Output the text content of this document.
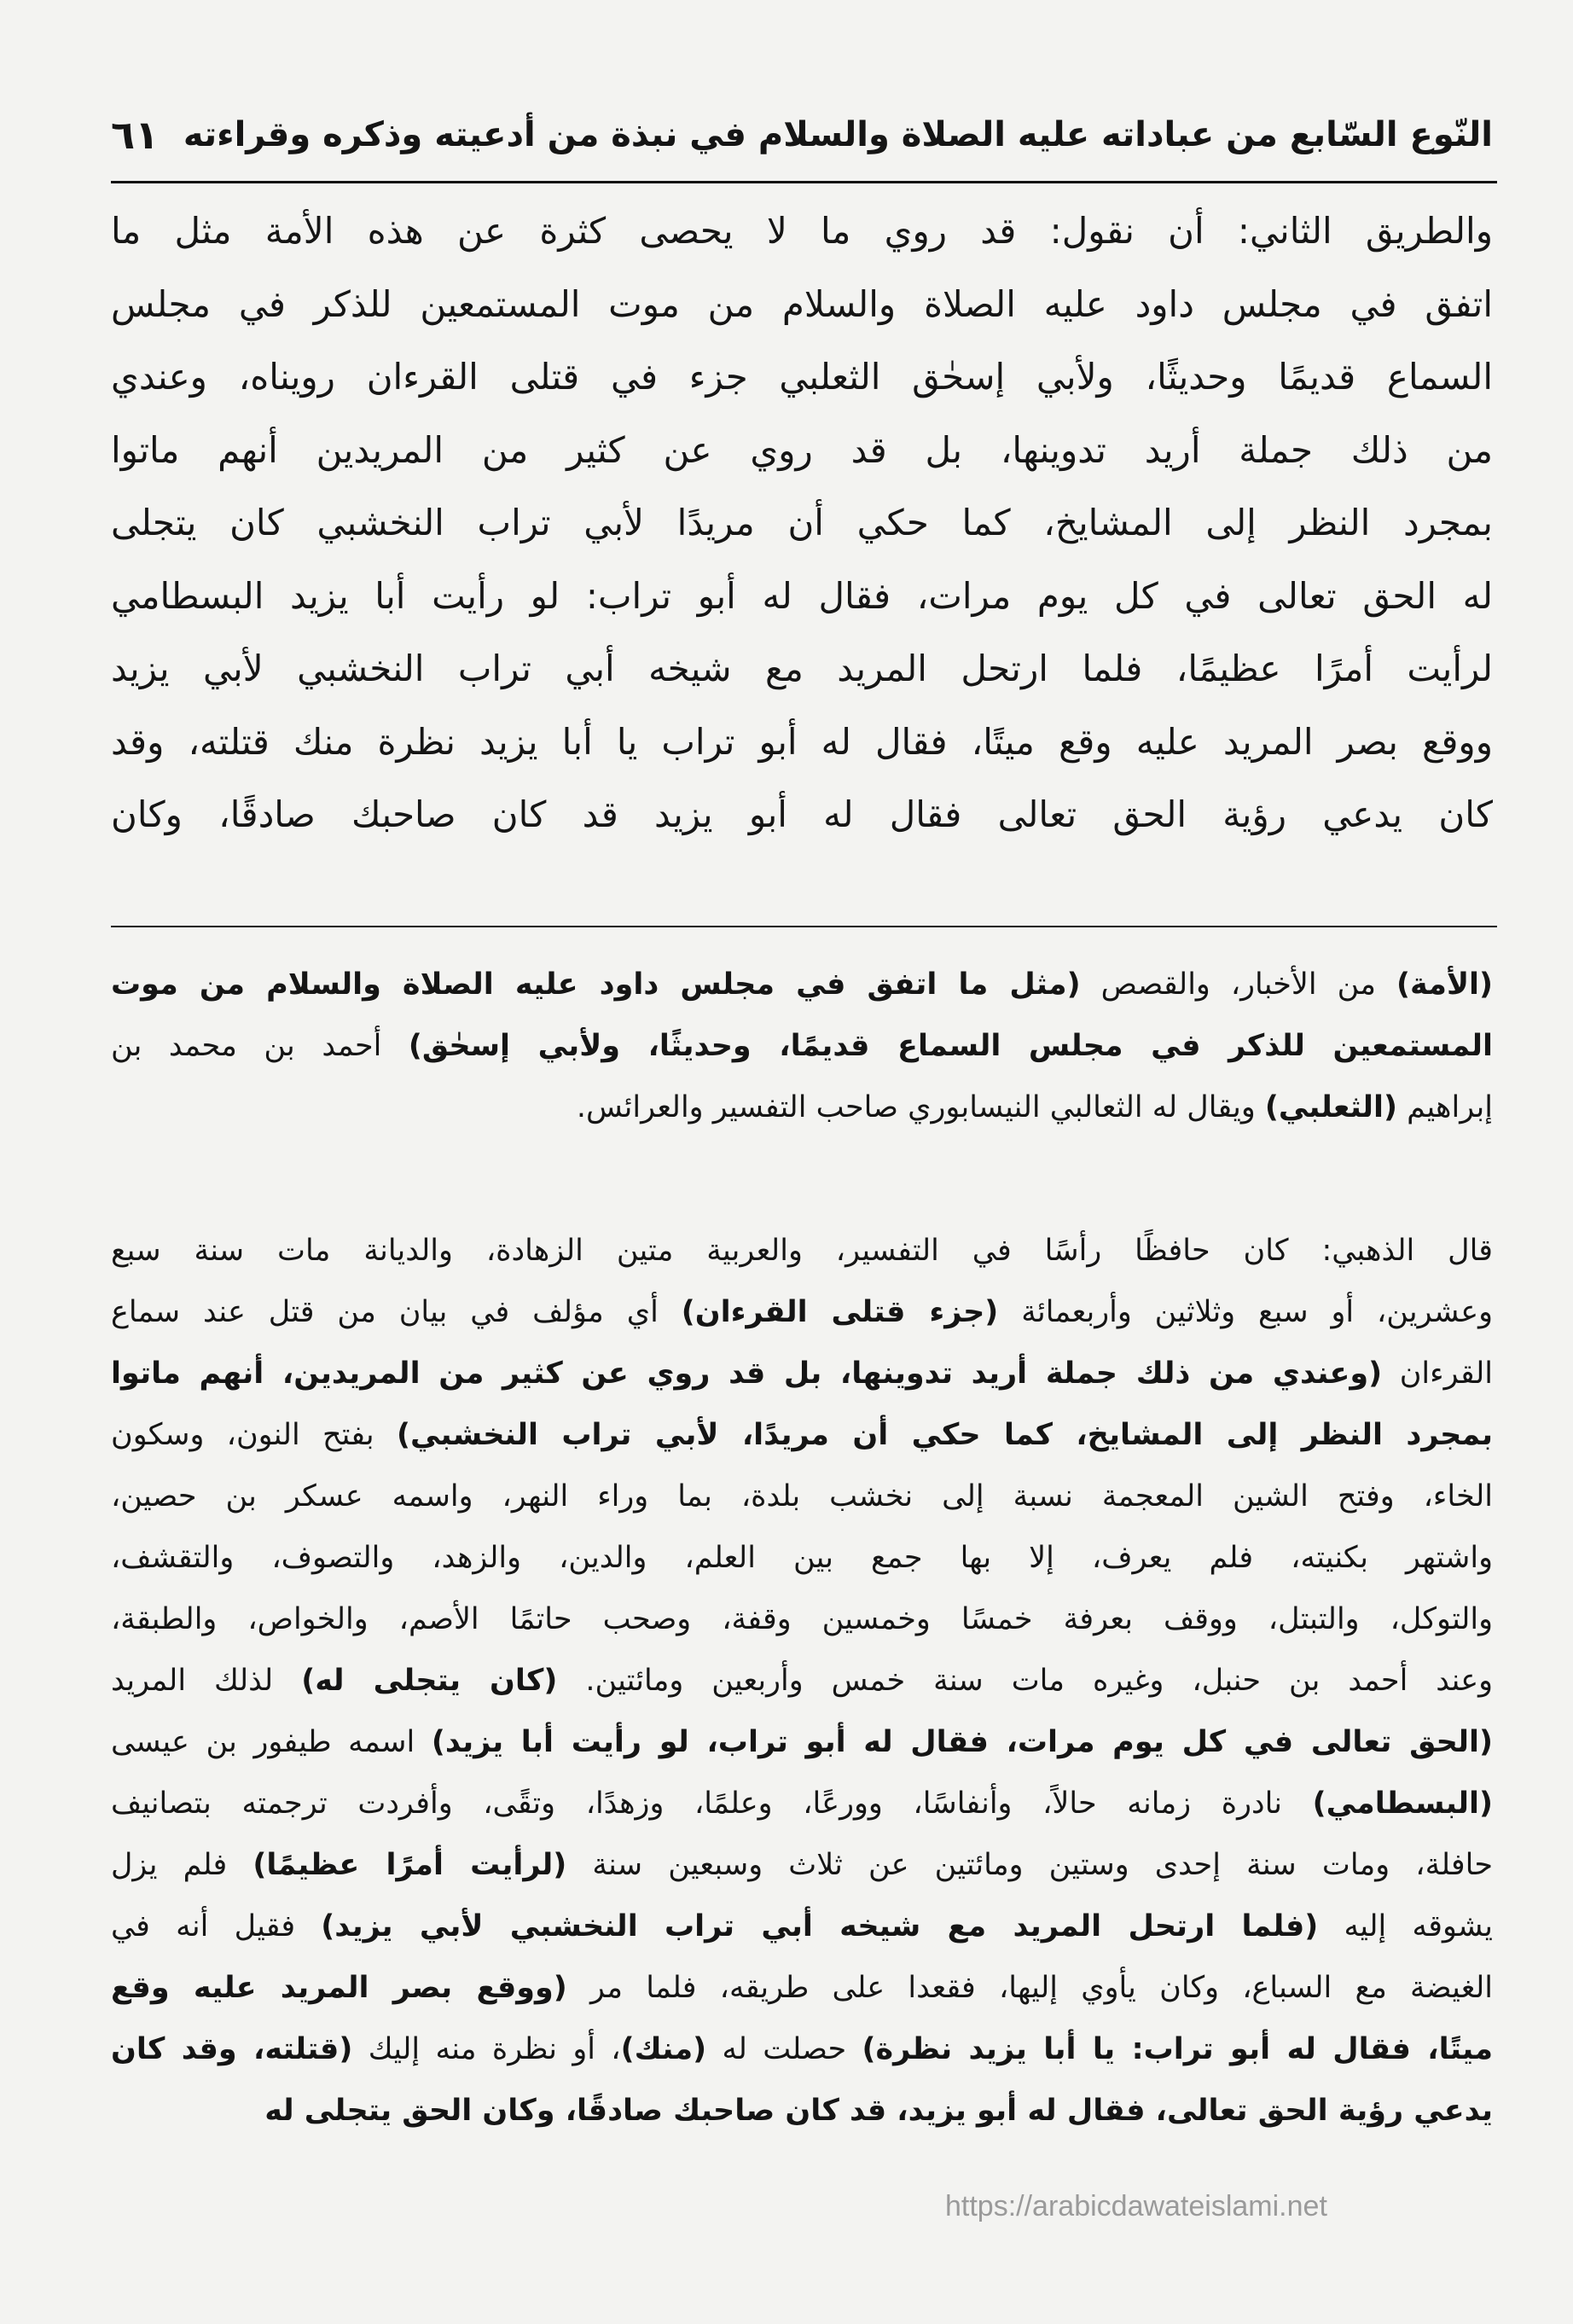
النّوع السّابع من عباداته عليه الصلاة والسلام في نبذة من أدعيته وذكره وقراءته
٦١
والطريق الثاني: أن نقول: قد روي ما لا يحصى كثرة عن هذه الأمة مثل ما
اتفق في مجلس داود عليه الصلاة والسلام من موت المستمعين للذكر في مجلس
السماع قديمًا وحديثًا، ولأبي إسحٰق الثعلبي جزء في قتلى القرءان رويناه، وعندي
من ذلك جملة أريد تدوينها، بل قد روي عن كثير من المريدين أنهم ماتوا
بمجرد النظر إلى المشايخ، كما حكي أن مريدًا لأبي تراب النخشبي كان يتجلى
له الحق تعالى في كل يوم مرات، فقال له أبو تراب: لو رأيت أبا يزيد البسطامي
لرأيت أمرًا عظيمًا، فلما ارتحل المريد مع شيخه أبي تراب النخشبي لأبي يزيد
ووقع بصر المريد عليه وقع ميتًا، فقال له أبو تراب يا أبا يزيد نظرة منك قتلته، وقد
كان يدعي رؤية الحق تعالى فقال له أبو يزيد قد كان صاحبك صادقًا، وكان
(الأمة) من الأخبار، والقصص (مثل ما اتفق في مجلس داود عليه الصلاة والسلام من موت
المستمعين للذكر في مجلس السماع قديمًا، وحديثًا، ولأبي إسحٰق) أحمد بن محمد بن
إبراهيم (الثعلبي) ويقال له الثعالبي النيسابوري صاحب التفسير والعرائس.
قال الذهبي: كان حافظًا رأسًا في التفسير، والعربية متين الزهادة، والديانة مات سنة سبع
وعشرين، أو سبع وثلاثين وأربعمائة (جزء قتلى القرءان) أي مؤلف في بيان من قتل عند سماع
القرءان (وعندي من ذلك جملة أريد تدوينها، بل قد روي عن كثير من المريدين، أنهم ماتوا
بمجرد النظر إلى المشايخ، كما حكي أن مريدًا، لأبي تراب النخشبي) بفتح النون، وسكون
الخاء، وفتح الشين المعجمة نسبة إلى نخشب بلدة، بما وراء النهر، واسمه عسكر بن حصين،
واشتهر بكنيته، فلم يعرف، إلا بها جمع بين العلم، والدين، والزهد، والتصوف، والتقشف،
والتوكل، والتبتل، ووقف بعرفة خمسًا وخمسين وقفة، وصحب حاتمًا الأصم، والخواص، والطبقة،
وعند أحمد بن حنبل، وغيره مات سنة خمس وأربعين ومائتين. (كان يتجلى له) لذلك المريد
(الحق تعالى في كل يوم مرات، فقال له أبو تراب، لو رأيت أبا يزيد) اسمه طيفور بن عيسى
(البسطامي) نادرة زمانه حالاً، وأنفاسًا، وورعًا، وعلمًا، وزهدًا، وتقًى، وأفردت ترجمته بتصانيف
حافلة، ومات سنة إحدى وستين ومائتين عن ثلاث وسبعين سنة (لرأيت أمرًا عظيمًا) فلم يزل
يشوقه إليه (فلما ارتحل المريد مع شيخه أبي تراب النخشبي لأبي يزيد) فقيل أنه في
الغيضة مع السباع، وكان يأوي إليها، فقعدا على طريقه، فلما مر (ووقع بصر المريد عليه وقع
ميتًا، فقال له أبو تراب: يا أبا يزيد نظرة) حصلت له (منك)، أو نظرة منه إليك (قتلته، وقد كان
يدعي رؤية الحق تعالى، فقال له أبو يزيد، قد كان صاحبك صادقًا، وكان الحق يتجلى له
https://arabicdawateislami.net
